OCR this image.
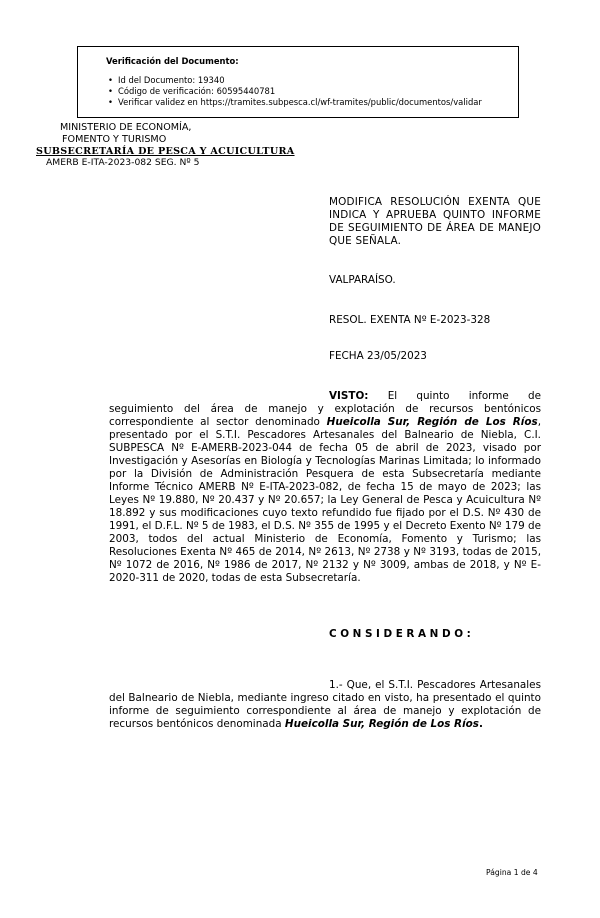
Verificación del Documento:
• Id del Documento: 19340
• Código de verificación: 60595440781
• Verificar validez en https://tramites.subpesca.cl/wf-tramites/public/documentos/validar
MINISTERIO DE ECONOMÍA,
FOMENTO Y TURISMO
SUBSECRETARÍA DE PESCA Y ACUICULTURA
AMERB E-ITA-2023-082 SEG. Nº 5
MODIFICA RESOLUCIÓN EXENTA QUE INDICA Y APRUEBA QUINTO INFORME DE SEGUIMIENTO DE ÁREA DE MANEJO QUE SEÑALA.
VALPARAÍSO.
RESOL. EXENTA Nº E-2023-328
FECHA 23/05/2023
VISTO: El quinto informe de seguimiento del área de manejo y explotación de recursos bentónicos correspondiente al sector denominado Hueicolla Sur, Región de Los Ríos, presentado por el S.T.I. Pescadores Artesanales del Balneario de Niebla, C.I. SUBPESCA Nº E-AMERB-2023-044 de fecha 05 de abril de 2023, visado por Investigación y Asesorías en Biología y Tecnologías Marinas Limitada; lo informado por la División de Administración Pesquera de esta Subsecretaría mediante Informe Técnico AMERB Nº E-ITA-2023-082, de fecha 15 de mayo de 2023; las Leyes Nº 19.880, Nº 20.437 y Nº 20.657; la Ley General de Pesca y Acuicultura Nº 18.892 y sus modificaciones cuyo texto refundido fue fijado por el D.S. Nº 430 de 1991, el D.F.L. Nº 5 de 1983, el D.S. Nº 355 de 1995 y el Decreto Exento Nº 179 de 2003, todos del actual Ministerio de Economía, Fomento y Turismo; las Resoluciones Exenta Nº 465 de 2014, Nº 2613, Nº 2738 y Nº 3193, todas de 2015, Nº 1072 de 2016, Nº 1986 de 2017, Nº 2132 y Nº 3009, ambas de 2018, y Nº E-2020-311 de 2020, todas de esta Subsecretaría.
CONSIDERANDO:
1.- Que, el S.T.I. Pescadores Artesanales del Balneario de Niebla, mediante ingreso citado en visto, ha presentado el quinto informe de seguimiento correspondiente al área de manejo y explotación de recursos bentónicos denominada Hueicolla Sur, Región de Los Ríos.
Página 1 de 4
